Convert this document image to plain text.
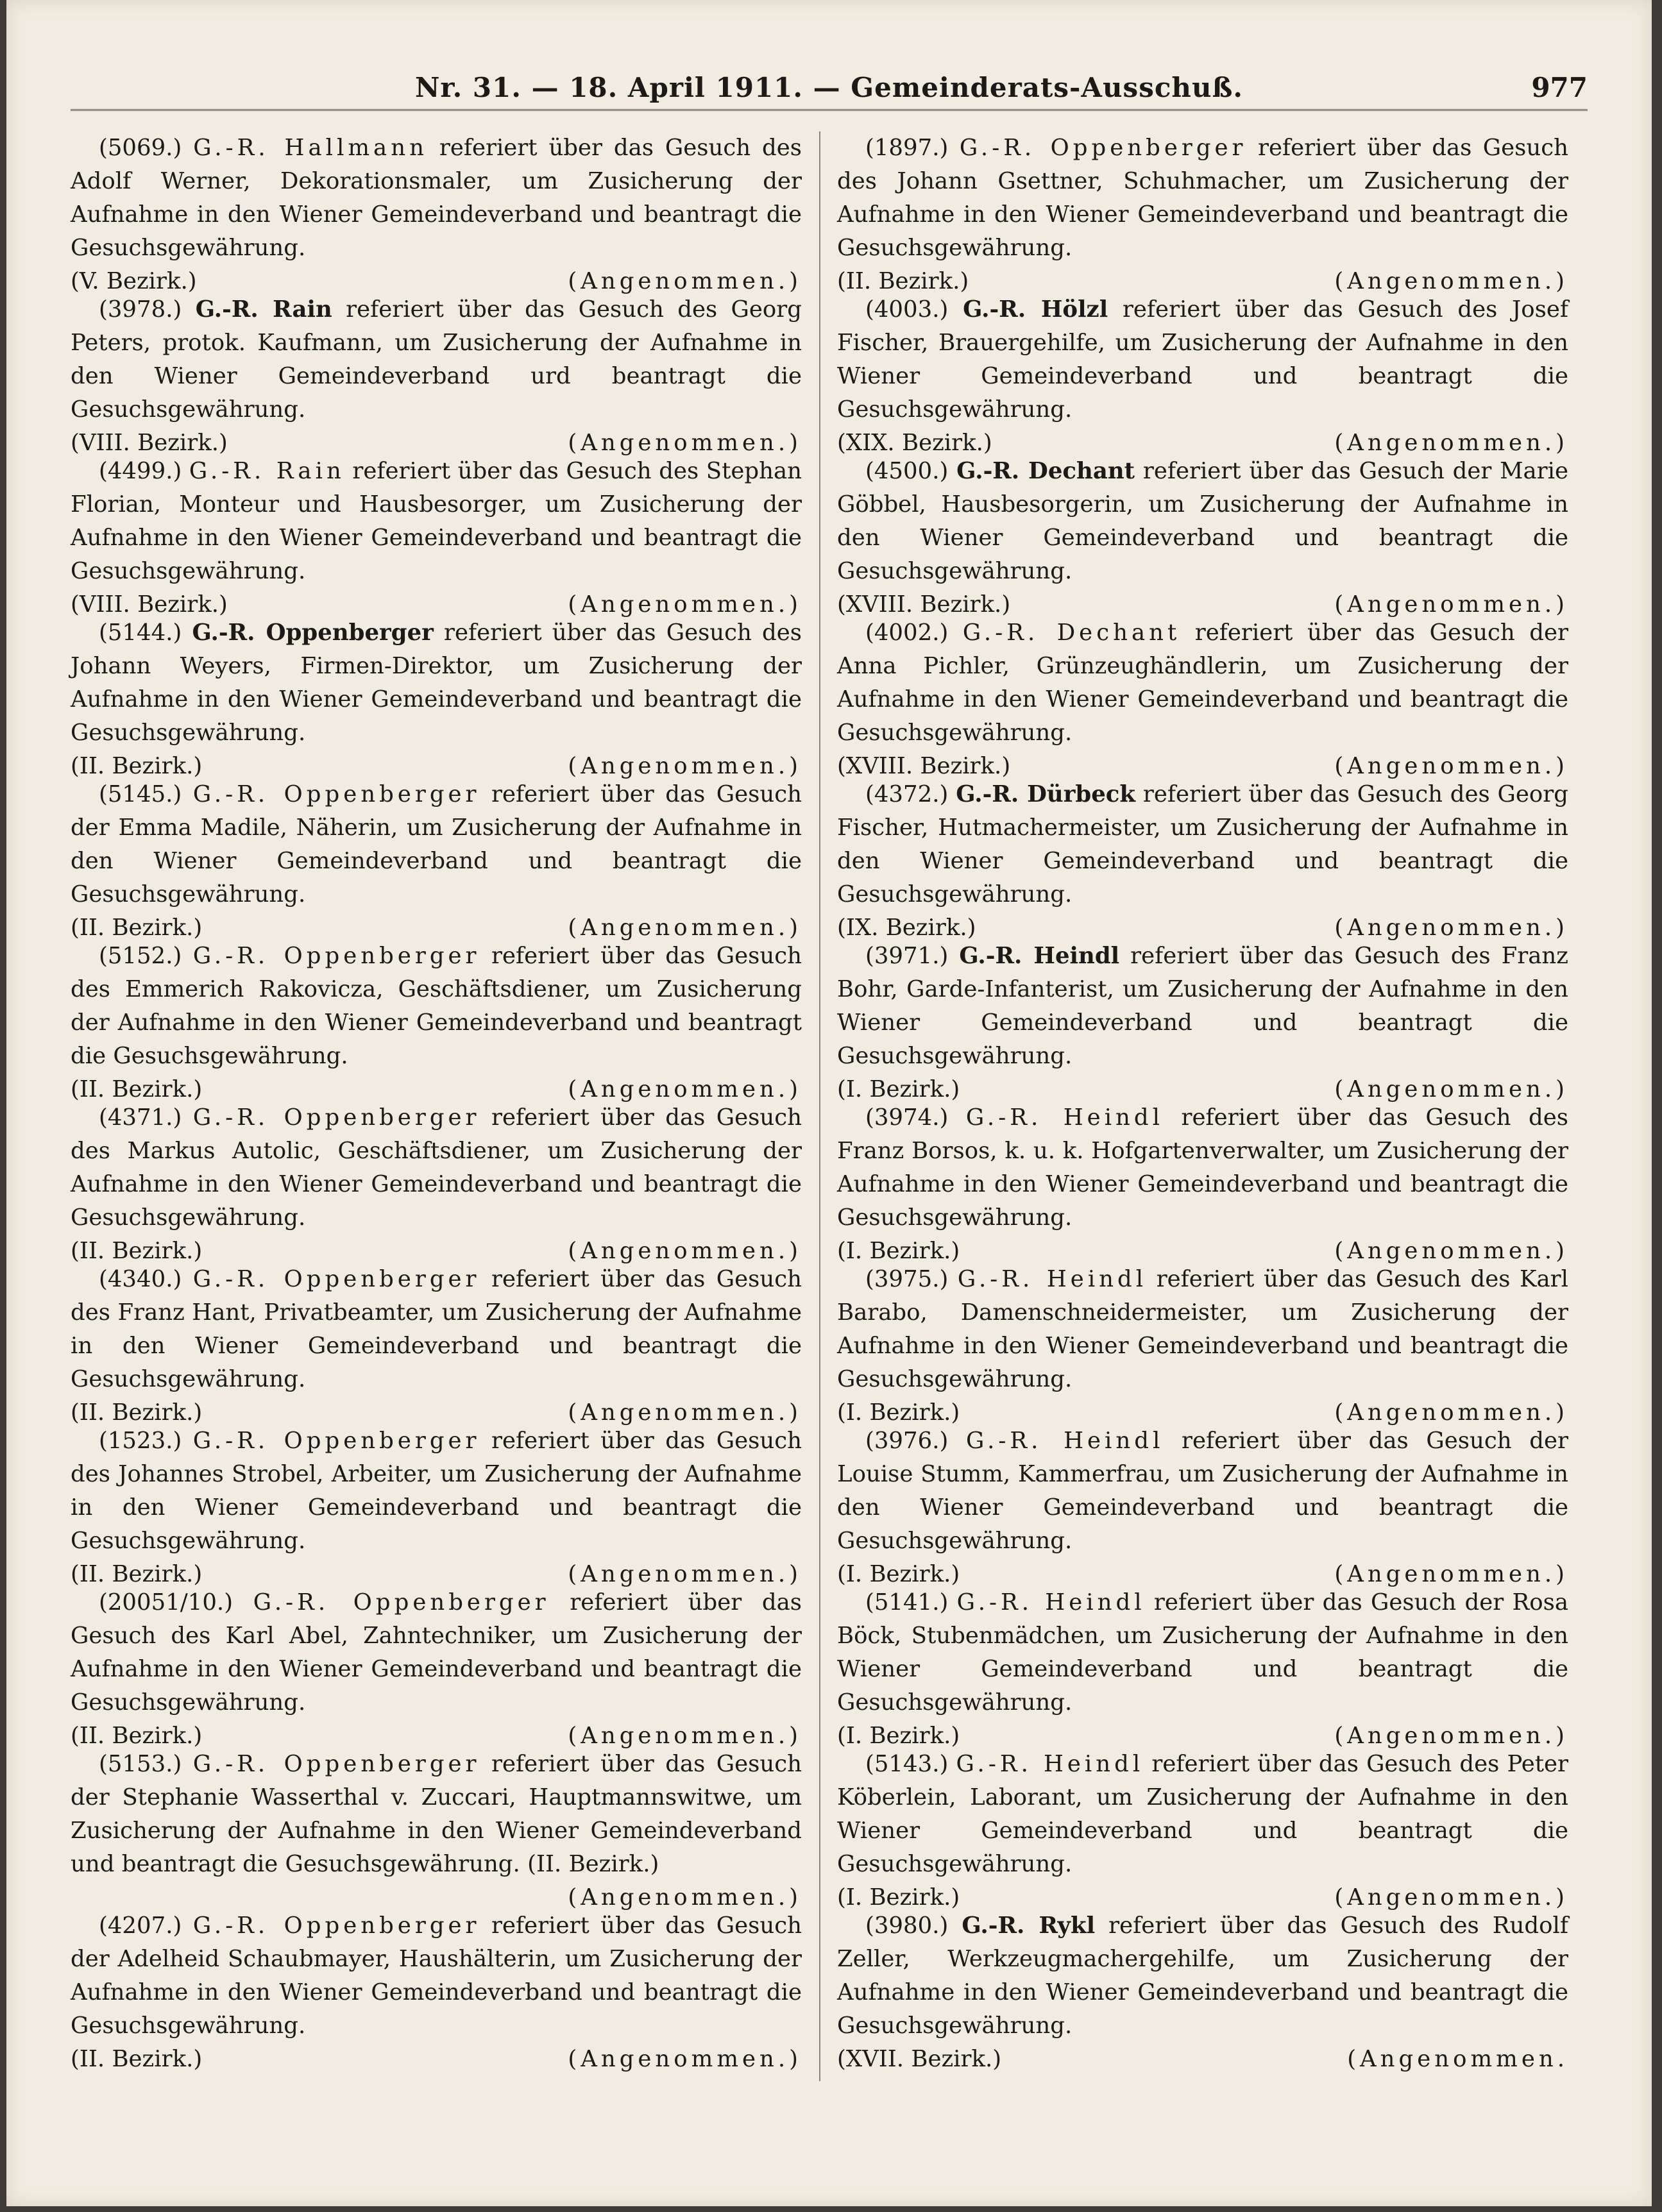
Nr. 31. — 18. April 1911. — Gemeinderats-Ausschuß.	977

(5069.) G.-R. Hallmann referiert über das Gesuch des Adolf Werner, Dekorationsmaler, um Zusicherung der Aufnahme in den Wiener Gemeindeverband und beantragt die Gesuchsgewährung.

(V. Bezirk.)	(Angenommen.)

(3978.) G.-R. Rain referiert über das Gesuch des Georg Peters, protok. Kaufmann, um Zusicherung der Aufnahme in den Wiener Gemeindeverband urd beantragt die Gesuchsgewährung.

(VIII. Bezirk.)	(Angenommen.)

(4499.) G.-R. Rain referiert über das Gesuch des Stephan Florian, Monteur und Hausbesorger, um Zusicherung der Aufnahme in den Wiener Gemeindeverband und beantragt die Gesuchsgewährung.

(VIII. Bezirk.)	(Angenommen.)

(5144.) G.-R. Oppenberger referiert über das Gesuch des Johann Weyers, Firmen-Direktor, um Zusicherung der Aufnahme in den Wiener Gemeindeverband und beantragt die Gesuchsgewährung.

(II. Bezirk.)	(Angenommen.)

(5145.) G.-R. Oppenberger referiert über das Gesuch der Emma Madile, Näherin, um Zusicherung der Aufnahme in den Wiener Gemeindeverband und beantragt die Gesuchsgewährung.

(II. Bezirk.)	(Angenommen.)

(5152.) G.-R. Oppenberger referiert über das Gesuch des Emmerich Rakovicza, Geschäftsdiener, um Zusicherung der Aufnahme in den Wiener Gemeindeverband und beantragt die Gesuchsgewährung.

(II. Bezirk.)	(Angenommen.)

(4371.) G.-R. Oppenberger referiert über das Gesuch des Markus Autolic, Geschäftsdiener, um Zusicherung der Aufnahme in den Wiener Gemeindeverband und beantragt die Gesuchsgewährung.

(II. Bezirk.)	(Angenommen.)

(4340.) G.-R. Oppenberger referiert über das Gesuch des Franz Hant, Privatbeamter, um Zusicherung der Aufnahme in den Wiener Gemeindeverband und beantragt die Gesuchsgewährung.

(II. Bezirk.)	(Angenommen.)

(1523.) G.-R. Oppenberger referiert über das Gesuch des Johannes Strobel, Arbeiter, um Zusicherung der Aufnahme in den Wiener Gemeindeverband und beantragt die Gesuchsgewährung.

(II. Bezirk.)	(Angenommen.)

(20051/10.) G.-R. Oppenberger referiert über das Gesuch des Karl Abel, Zahntechniker, um Zusicherung der Aufnahme in den Wiener Gemeindeverband und beantragt die Gesuchsgewährung.

(II. Bezirk.)	(Angenommen.)

(5153.) G.-R. Oppenberger referiert über das Gesuch der Stephanie Wasserthal v. Zuccari, Hauptmannswitwe, um Zusicherung der Aufnahme in den Wiener Gemeindeverband und beantragt die Gesuchsgewährung. (II. Bezirk.)

(Angenommen.)

(4207.) G.-R. Oppenberger referiert über das Gesuch der Adelheid Schaubmayer, Haushälterin, um Zusicherung der Aufnahme in den Wiener Gemeindeverband und beantragt die Gesuchsgewährung.

(II. Bezirk.)	(Angenommen.)

(1897.) G.-R. Oppenberger referiert über das Gesuch des Johann Gsettner, Schuhmacher, um Zusicherung der Aufnahme in den Wiener Gemeindeverband und beantragt die Gesuchsgewährung.

(II. Bezirk.)	(Angenommen.)

(4003.) G.-R. Hölzl referiert über das Gesuch des Josef Fischer, Brauergehilfe, um Zusicherung der Aufnahme in den Wiener Gemeindeverband und beantragt die Gesuchsgewährung.

(XIX. Bezirk.)	(Angenommen.)

(4500.) G.-R. Dechant referiert über das Gesuch der Marie Göbbel, Hausbesorgerin, um Zusicherung der Aufnahme in den Wiener Gemeindeverband und beantragt die Gesuchsgewährung.

(XVIII. Bezirk.)	(Angenommen.)

(4002.) G.-R. Dechant referiert über das Gesuch der Anna Pichler, Grünzeughändlerin, um Zusicherung der Aufnahme in den Wiener Gemeindeverband und beantragt die Gesuchsgewährung.

(XVIII. Bezirk.)	(Angenommen.)

(4372.) G.-R. Dürbeck referiert über das Gesuch des Georg Fischer, Hutmachermeister, um Zusicherung der Aufnahme in den Wiener Gemeindeverband und beantragt die Gesuchsgewährung.

(IX. Bezirk.)	(Angenommen.)

(3971.) G.-R. Heindl referiert über das Gesuch des Franz Bohr, Garde-Infanterist, um Zusicherung der Aufnahme in den Wiener Gemeindeverband und beantragt die Gesuchsgewährung.

(I. Bezirk.)	(Angenommen.)

(3974.) G.-R. Heindl referiert über das Gesuch des Franz Borsos, k. u. k. Hofgartenverwalter, um Zusicherung der Aufnahme in den Wiener Gemeindeverband und beantragt die Gesuchsgewährung.

(I. Bezirk.)	(Angenommen.)

(3975.) G.-R. Heindl referiert über das Gesuch des Karl Barabo, Damenschneidermeister, um Zusicherung der Aufnahme in den Wiener Gemeindeverband und beantragt die Gesuchsgewährung.

(I. Bezirk.)	(Angenommen.)

(3976.) G.-R. Heindl referiert über das Gesuch der Louise Stumm, Kammerfrau, um Zusicherung der Aufnahme in den Wiener Gemeindeverband und beantragt die Gesuchsgewährung.

(I. Bezirk.)	(Angenommen.)

(5141.) G.-R. Heindl referiert über das Gesuch der Rosa Böck, Stubenmädchen, um Zusicherung der Aufnahme in den Wiener Gemeindeverband und beantragt die Gesuchsgewährung.

(I. Bezirk.)	(Angenommen.)

(5143.) G.-R. Heindl referiert über das Gesuch des Peter Köberlein, Laborant, um Zusicherung der Aufnahme in den Wiener Gemeindeverband und beantragt die Gesuchsgewährung.

(I. Bezirk.)	(Angenommen.)

(3980.) G.-R. Rykl referiert über das Gesuch des Rudolf Zeller, Werkzeugmachergehilfe, um Zusicherung der Aufnahme in den Wiener Gemeindeverband und beantragt die Gesuchsgewährung.

(XVII. Bezirk.)	(Angenommen.
